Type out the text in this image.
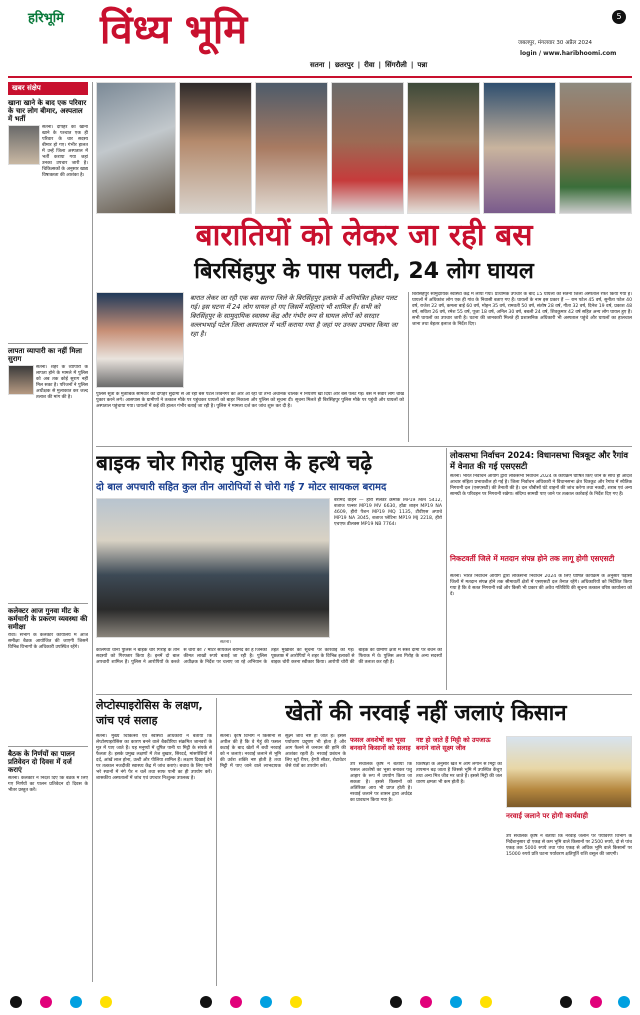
हरिभूमि विंध्य भूमि	5
जबलपुर, मंगलवार 30 अप्रैल 2024
login / www.haribhoomi.com
सतना | छतरपुर | रीवा | सिंगरौली | पन्ना
खबर संक्षेप
खाना खाने के बाद एक परिवार के चार लोग बीमार, अस्पताल में भर्ती
सतना। दोपहर का खाना खाने के पश्चात एक ही परिवार के चार सदस्य बीमार हो गए। गंभीर हालत में उन्हें जिला अस्पताल में भर्ती कराया गया जहां उनका उपचार जारी है। चिकित्सकों के अनुसार खाद्य विषाक्तता की आशंका है।
लापता व्यापारी का नहीं मिला सुराग
सतना। शहर के व्यापारी के लापता होने के मामले में पुलिस को अब तक कोई सुराग नहीं मिल सका है। परिजनों ने पुलिस अधीक्षक से मुलाकात कर जल्द तलाश की मांग की है।
कलेक्टर आज गुनवा मीट के कर्मचारी के प्रकरण व्यवस्था की समीक्षा
रीवा। संभाग के कलेक्टर कार्यालय में आज समीक्षा बैठक आयोजित की जाएगी जिसमें विभिन्न विभागों के अधिकारी उपस्थित रहेंगे।
बैठक के निर्णयों का पालन प्रतिवेदन दो दिवस में दर्ज कराएं
सतना। कलेक्टर ने निर्देश दिए कि बैठक में लिए गए निर्णयों का पालन प्रतिवेदन दो दिवस के भीतर प्रस्तुत करें।
बारातियों को लेकर जा रही बस
बिरसिंहपुर के पास पलटी, 24 लोग घायल
बारात लेकर जा रही एक बस सतना जिले के बिरसिंहपुर इलाके में अनियंत्रित होकर पलट गई। इस घटना में 24 लोग घायल हो गए जिसमें महिलाएं भी शामिल हैं। सभी को बिरसिंहपुर के सामुदायिक स्वास्थ्य केंद्र और गंभीर रूप से घायल लोगों को सरदार वल्लभभाई पटेल जिला अस्पताल में भर्ती कराया गया है जहां पर उनका उपचार किया जा रहा है।
पुलिस सूत्रों के मुताबिक सोमवार की दोपहर सुदामा से आ रही बस पटेल शिवनगर की ओर आ रही थी तभी अचानक चालक ने नियंत्रण खो दिया और बस पलट गई। बस में सवार लोग चीख पुकार करने लगे। आसपास के ग्रामीणों ने तत्काल मौके पर पहुंचकर घायलों को बाहर निकाला और पुलिस को सूचना दी। सूचना मिलते ही बिरसिंहपुर पुलिस मौके पर पहुंची और घायलों को अस्पताल पहुंचाया गया। घायलों में कई की हालत गंभीर बताई जा रही है। पुलिस ने मामला दर्ज कर जांच शुरू कर दी है।
बिरसिंहपुर सामुदायिक स्वास्थ्य केंद्र में लाया गया। प्राथमिक उपचार के बाद 15 घायलों को सतना जिला अस्पताल रेफर किया गया है। घायलों में अधिकांश लोग एक ही गांव के निवासी बताए गए हैं। घायलों के नाम इस प्रकार हैं — राम पटेल 45 वर्ष, सुनीता पटेल 40 वर्ष, राजेश 22 वर्ष, कमला बाई 60 वर्ष, मोहन 35 वर्ष, रामवती 50 वर्ष, संतोष 28 वर्ष, गीता 32 वर्ष, दिनेश 19 वर्ष, प्रकाश 48 वर्ष, सविता 26 वर्ष, रमेश 55 वर्ष, पूजा 18 वर्ष, अनिल 30 वर्ष, बबली 24 वर्ष, शिवकुमार 42 वर्ष सहित अन्य लोग घायल हुए हैं। सभी घायलों का उपचार जारी है। घटना की जानकारी मिलते ही प्रशासनिक अधिकारी भी अस्पताल पहुंचे और घायलों का हालचाल जाना तथा बेहतर इलाज के निर्देश दिए।
बाइक चोर गिरोह पुलिस के हत्थे चढ़े
दो बाल अपचारी सहित कुल तीन आरोपियों से चोरी गई 7 मोटर सायकल बरामद
सतना।
बरामद वाहन — हीरो स्प्लेंडर क्रमांक MP19 MM 5412, बजाज पल्सर MP19 MV 6630, होंडा शाइन MP19 NA 4609, हीरो पैशन MP19 MQ 1135, टीवीएस अपाचे MP19 NA 3045, बजाज प्लेटिना MP19 MJ 2218, हीरो एचएफ डीलक्स MP19 NB 7764।
कोलगवां थाना पुलिस ने बाइक चोर गिरोह के तीन सदस्यों को गिरफ्तार किया है। इनमें दो बाल अपचारी शामिल हैं। पुलिस ने आरोपियों के कब्जे से चोरी की 7 मोटर सायकल बरामद की हैं जिनकी कीमत लाखों रुपये बताई जा रही है। पुलिस अधीक्षक के निर्देश पर चलाए जा रहे अभियान के तहत मुखबिर की सूचना पर कार्रवाई की गई। पूछताछ में आरोपियों ने शहर के विभिन्न इलाकों से बाइक चोरी करना स्वीकार किया। आरोपी चोरी की बाइक को ग्रामीण क्षेत्रों में सस्ते दामों पर बेचने की फिराक में थे। पुलिस अब गिरोह के अन्य सदस्यों की तलाश कर रही है।
लोकसभा निर्वाचन 2024: विधानसभा चित्रकूट और रैगांव में वेनात की गई एसएसटी
सतना। भारत निर्वाचन आयोग द्वारा लोकसभा निर्वाचन 2024 के कार्यक्रम घोषित किए जाने के साथ ही आदर्श आचार संहिता प्रभावशील हो गई है। जिला निर्वाचन अधिकारी ने विधानसभा क्षेत्र चित्रकूट और रैगांव में स्थैतिक निगरानी दल (एसएसटी) की तैनाती की है। दल चौबीसों घंटे वाहनों की जांच करेगा तथा नकदी, शराब एवं अन्य सामग्री के परिवहन पर निगरानी रखेगा। संदिग्ध सामग्री पाए जाने पर तत्काल कार्रवाई के निर्देश दिए गए हैं।
निकटवर्ती जिले में मतदान संपन्न होने तक लागू होगी एसएसटी
सतना। भारत निर्वाचन आयोग द्वारा लोकसभा निर्वाचन 2024 के लिए घोषित कार्यक्रम के अनुसार पड़ोसी जिलों में मतदान संपन्न होने तक सीमावर्ती क्षेत्रों में एसएसटी दल तैनात रहेंगे। अधिकारियों को निर्देशित किया गया है कि वे सतत निगरानी रखें और किसी भी प्रकार की अवैध गतिविधि की सूचना तत्काल वरिष्ठ कार्यालय को दें।
लेप्टोस्पाइरोसिस के लक्षण, जांच एवं सलाह
सतना। मुख्य चिकित्सा एवं स्वास्थ्य अधिकारी ने बताया कि लेप्टोस्पाइरोसिस का कारण बनने वाले बैक्टीरिया संक्रमित जानवरों के मूत्र में पाए जाते हैं। यह मनुष्यों में दूषित पानी या मिट्टी के संपर्क से फैलता है। इसके प्रमुख लक्षणों में तेज बुखार, सिरदर्द, मांसपेशियों में दर्द, आंखें लाल होना, उल्टी और पीलिया शामिल हैं। लक्षण दिखाई देने पर तत्काल नजदीकी स्वास्थ्य केंद्र में जांच कराएं। बचाव के लिए पानी भरे स्थानों में नंगे पैर न चलें तथा साफ पानी का ही उपयोग करें। शासकीय अस्पतालों में जांच एवं उपचार निःशुल्क उपलब्ध है।
खेतों की नरवाई नहीं जलाएं किसान
सतना। कृषि विभाग ने किसानों से अपील की है कि वे गेहूं की फसल कटाई के बाद खेतों में बची नरवाई को न जलाएं। नरवाई जलाने से भूमि की उर्वरा शक्ति नष्ट होती है तथा मिट्टी में पाए जाने वाले लाभदायक सूक्ष्म जीव नष्ट हो जाते हैं। इससे पर्यावरण प्रदूषण भी होता है और आग फैलने से जनधन की हानि की आशंका रहती है। नरवाई प्रबंधन के लिए स्ट्रॉ रीपर, हैप्पी सीडर, रोटावेटर जैसे यंत्रों का उपयोग करें।
फसल अवशेषों का भूसा बनवाने किसानों को सलाह
उप संचालक कृषि ने बताया कि फसल अवशेषों का भूसा बनाकर पशु आहार के रूप में उपयोग किया जा सकता है। इससे किसानों को अतिरिक्त आय भी प्राप्त होती है। नरवाई जलाने पर शासन द्वारा अर्थदंड का प्रावधान किया गया है।
नष्ट हो जाते हैं मिट्टी को उपजाऊ बनाने वाले सूक्ष्म जीव
विशेषज्ञों के अनुसार खेत में आग लगाने से मिट्टी का तापमान बढ़ जाता है जिससे भूमि में उपस्थित केंचुए तथा अन्य मित्र जीव मर जाते हैं। इससे मिट्टी की जल धारण क्षमता भी कम होती है।
नरवाई जलाने पर होगी कार्यवाही
उप संचालक कृषि ने बताया कि नरवाई जलाने पर पर्यावरण विभाग के निर्देशानुसार दो एकड़ से कम भूमि वाले किसानों पर 2500 रुपये, दो से पांच एकड़ तक 5000 रुपये तथा पांच एकड़ से अधिक भूमि वाले किसानों पर 15000 रुपये प्रति घटना पर्यावरण क्षतिपूर्ति राशि वसूल की जाएगी।
